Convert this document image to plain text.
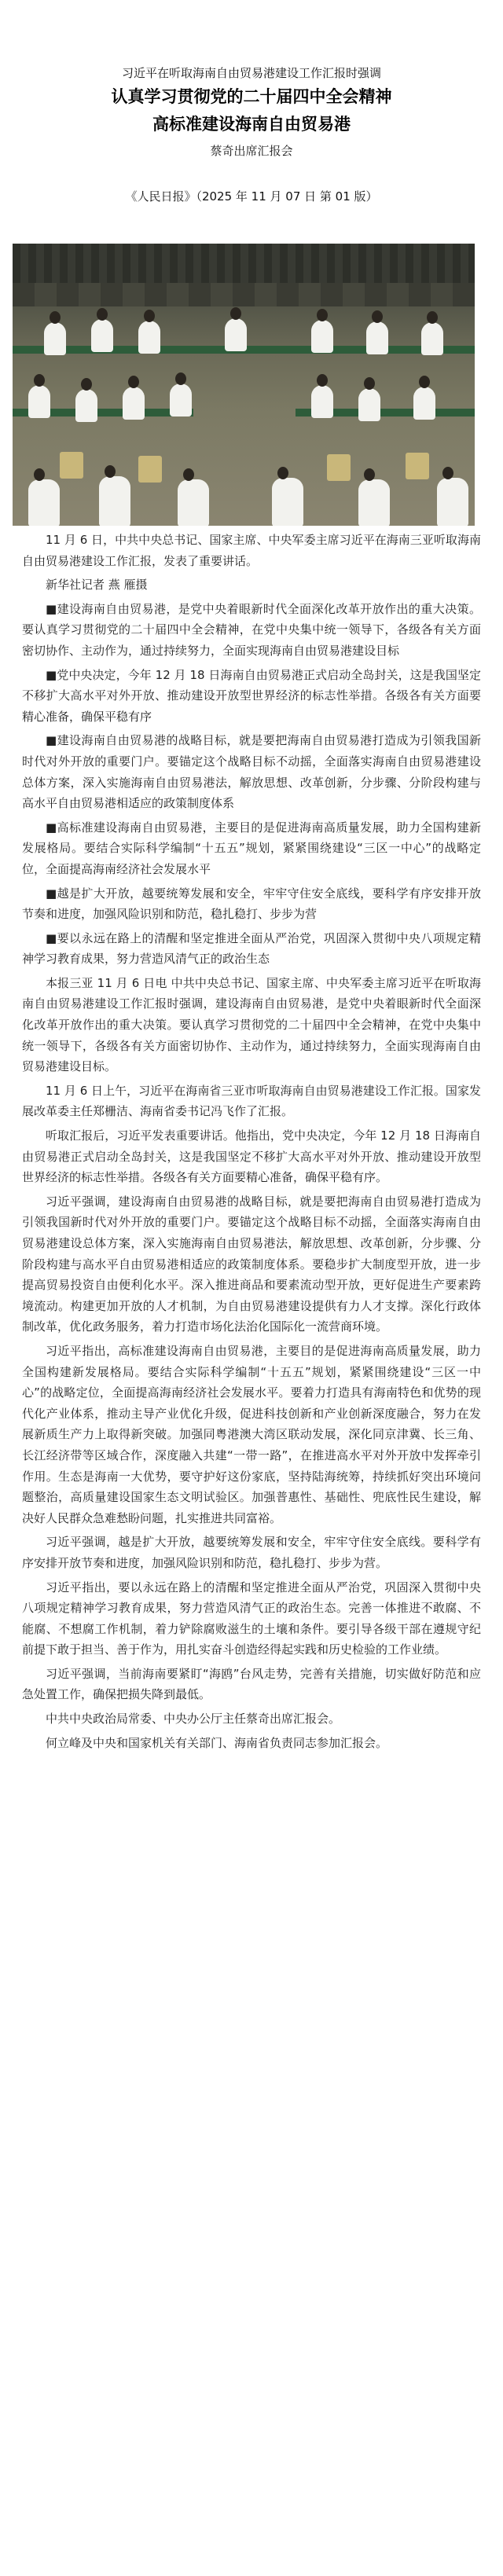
习近平在听取海南自由贸易港建设工作汇报时强调
认真学习贯彻党的二十届四中全会精神
高标准建设海南自由贸易港
蔡奇出席汇报会
《人民日报》（2025 年 11 月 07 日 第 01 版）

11 月 6 日，中共中央总书记、国家主席、中央军委主席习近平在海南三亚听取海南自由贸易港建设工作汇报，发表了重要讲话。

新华社记者 燕 雁摄

■建设海南自由贸易港，是党中央着眼新时代全面深化改革开放作出的重大决策。要认真学习贯彻党的二十届四中全会精神，在党中央集中统一领导下，各级各有关方面密切协作、主动作为，通过持续努力，全面实现海南自由贸易港建设目标

■党中央决定，今年 12 月 18 日海南自由贸易港正式启动全岛封关，这是我国坚定不移扩大高水平对外开放、推动建设开放型世界经济的标志性举措。各级各有关方面要精心准备，确保平稳有序

■建设海南自由贸易港的战略目标，就是要把海南自由贸易港打造成为引领我国新时代对外开放的重要门户。要锚定这个战略目标不动摇，全面落实海南自由贸易港建设总体方案，深入实施海南自由贸易港法，解放思想、改革创新，分步骤、分阶段构建与高水平自由贸易港相适应的政策制度体系

■高标准建设海南自由贸易港，主要目的是促进海南高质量发展，助力全国构建新发展格局。要结合实际科学编制“十五五”规划，紧紧围绕建设“三区一中心”的战略定位，全面提高海南经济社会发展水平

■越是扩大开放，越要统筹发展和安全，牢牢守住安全底线，要科学有序安排开放节奏和进度，加强风险识别和防范，稳扎稳打、步步为营

■要以永远在路上的清醒和坚定推进全面从严治党，巩固深入贯彻中央八项规定精神学习教育成果，努力营造风清气正的政治生态

本报三亚 11 月 6 日电 中共中央总书记、国家主席、中央军委主席习近平在听取海南自由贸易港建设工作汇报时强调，建设海南自由贸易港，是党中央着眼新时代全面深化改革开放作出的重大决策。要认真学习贯彻党的二十届四中全会精神，在党中央集中统一领导下，各级各有关方面密切协作、主动作为，通过持续努力，全面实现海南自由贸易港建设目标。

11 月 6 日上午，习近平在海南省三亚市听取海南自由贸易港建设工作汇报。国家发展改革委主任郑栅洁、海南省委书记冯飞作了汇报。

听取汇报后，习近平发表重要讲话。他指出，党中央决定，今年 12 月 18 日海南自由贸易港正式启动全岛封关，这是我国坚定不移扩大高水平对外开放、推动建设开放型世界经济的标志性举措。各级各有关方面要精心准备，确保平稳有序。

习近平强调，建设海南自由贸易港的战略目标，就是要把海南自由贸易港打造成为引领我国新时代对外开放的重要门户。要锚定这个战略目标不动摇，全面落实海南自由贸易港建设总体方案，深入实施海南自由贸易港法，解放思想、改革创新，分步骤、分阶段构建与高水平自由贸易港相适应的政策制度体系。要稳步扩大制度型开放，进一步提高贸易投资自由便利化水平。深入推进商品和要素流动型开放，更好促进生产要素跨境流动。构建更加开放的人才机制，为自由贸易港建设提供有力人才支撑。深化行政体制改革，优化政务服务，着力打造市场化法治化国际化一流营商环境。

习近平指出，高标准建设海南自由贸易港，主要目的是促进海南高质量发展，助力全国构建新发展格局。要结合实际科学编制“十五五”规划，紧紧围绕建设“三区一中心”的战略定位，全面提高海南经济社会发展水平。要着力打造具有海南特色和优势的现代化产业体系，推动主导产业优化升级，促进科技创新和产业创新深度融合，努力在发展新质生产力上取得新突破。加强同粤港澳大湾区联动发展，深化同京津冀、长三角、长江经济带等区域合作，深度融入共建“一带一路”，在推进高水平对外开放中发挥牵引作用。生态是海南一大优势，要守护好这份家底，坚持陆海统筹，持续抓好突出环境问题整治，高质量建设国家生态文明试验区。加强普惠性、基础性、兜底性民生建设，解决好人民群众急难愁盼问题，扎实推进共同富裕。

习近平强调，越是扩大开放，越要统筹发展和安全，牢牢守住安全底线。要科学有序安排开放节奏和进度，加强风险识别和防范，稳扎稳打、步步为营。

习近平指出，要以永远在路上的清醒和坚定推进全面从严治党，巩固深入贯彻中央八项规定精神学习教育成果，努力营造风清气正的政治生态。完善一体推进不敢腐、不能腐、不想腐工作机制，着力铲除腐败滋生的土壤和条件。要引导各级干部在遵规守纪前提下敢于担当、善于作为，用扎实奋斗创造经得起实践和历史检验的工作业绩。

习近平强调，当前海南要紧盯“海鸥”台风走势，完善有关措施，切实做好防范和应急处置工作，确保把损失降到最低。

中共中央政治局常委、中央办公厅主任蔡奇出席汇报会。

何立峰及中央和国家机关有关部门、海南省负责同志参加汇报会。
